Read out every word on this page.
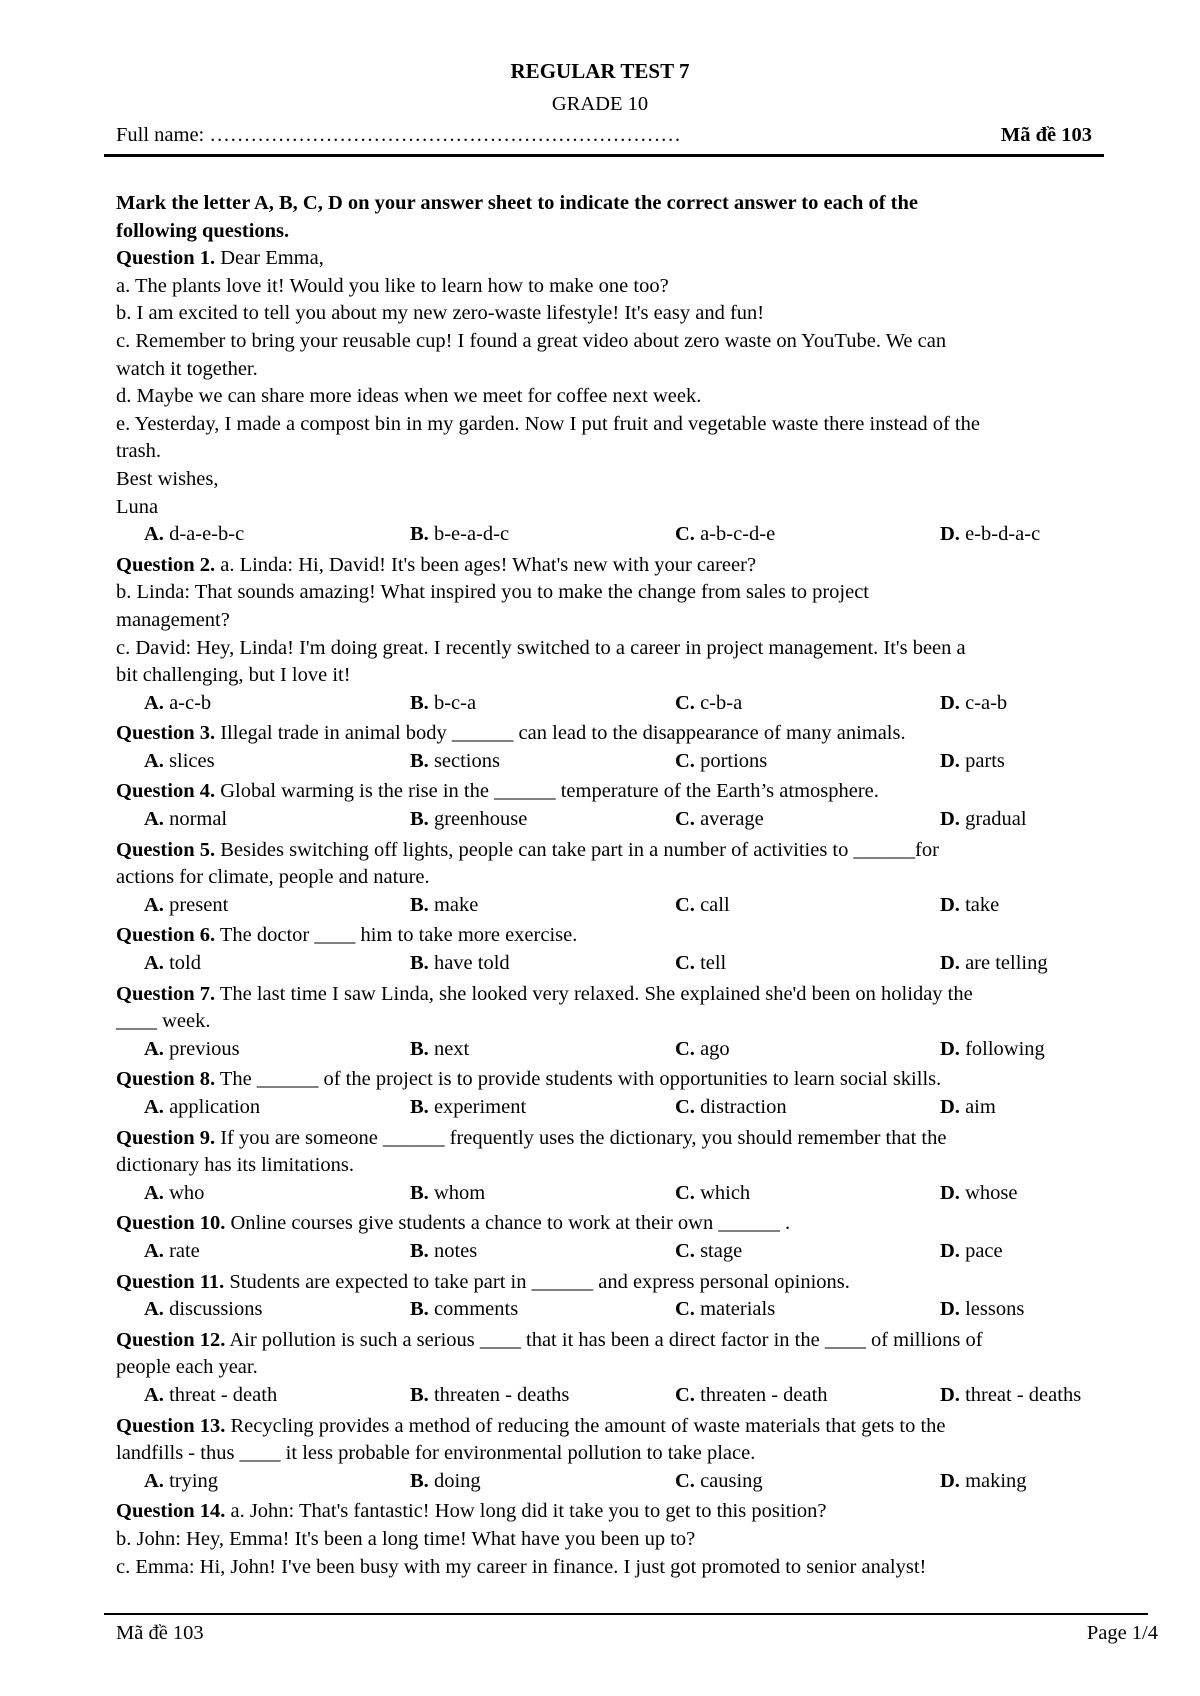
REGULAR TEST 7
GRADE 10
Full name: ……………………………………………………………	Mã đề 103
Mark the letter A, B, C, D on your answer sheet to indicate the correct answer to each of the
following questions.
Question 1. Dear Emma,
a. The plants love it! Would you like to learn how to make one too?
b. I am excited to tell you about my new zero-waste lifestyle! It's easy and fun!
c. Remember to bring your reusable cup! I found a great video about zero waste on YouTube. We can
watch it together.
d. Maybe we can share more ideas when we meet for coffee next week.
e. Yesterday, I made a compost bin in my garden. Now I put fruit and vegetable waste there instead of the
trash.
Best wishes,
Luna
A. d-a-e-b-c	B. b-e-a-d-c	C. a-b-c-d-e	D. e-b-d-a-c
Question 2. a. Linda: Hi, David! It's been ages! What's new with your career?
b. Linda: That sounds amazing! What inspired you to make the change from sales to project
management?
c. David: Hey, Linda! I'm doing great. I recently switched to a career in project management. It's been a
bit challenging, but I love it!
A. a-c-b	B. b-c-a	C. c-b-a	D. c-a-b
Question 3. Illegal trade in animal body ______ can lead to the disappearance of many animals.
A. slices	B. sections	C. portions	D. parts
Question 4. Global warming is the rise in the ______ temperature of the Earth’s atmosphere.
A. normal	B. greenhouse	C. average	D. gradual
Question 5. Besides switching off lights, people can take part in a number of activities to ______for
actions for climate, people and nature.
A. present	B. make	C. call	D. take
Question 6. The doctor ____ him to take more exercise.
A. told	B. have told	C. tell	D. are telling
Question 7. The last time I saw Linda, she looked very relaxed. She explained she'd been on holiday the
____ week.
A. previous	B. next	C. ago	D. following
Question 8. The ______ of the project is to provide students with opportunities to learn social skills.
A. application	B. experiment	C. distraction	D. aim
Question 9. If you are someone ______ frequently uses the dictionary, you should remember that the
dictionary has its limitations.
A. who	B. whom	C. which	D. whose
Question 10. Online courses give students a chance to work at their own ______ .
A. rate	B. notes	C. stage	D. pace
Question 11. Students are expected to take part in ______ and express personal opinions.
A. discussions	B. comments	C. materials	D. lessons
Question 12. Air pollution is such a serious ____ that it has been a direct factor in the ____ of millions of
people each year.
A. threat - death	B. threaten - deaths	C. threaten - death	D. threat - deaths
Question 13. Recycling provides a method of reducing the amount of waste materials that gets to the
landfills - thus ____ it less probable for environmental pollution to take place.
A. trying	B. doing	C. causing	D. making
Question 14. a. John: That's fantastic! How long did it take you to get to this position?
b. John: Hey, Emma! It's been a long time! What have you been up to?
c. Emma: Hi, John! I've been busy with my career in finance. I just got promoted to senior analyst!
Mã đề 103	Page 1/4
